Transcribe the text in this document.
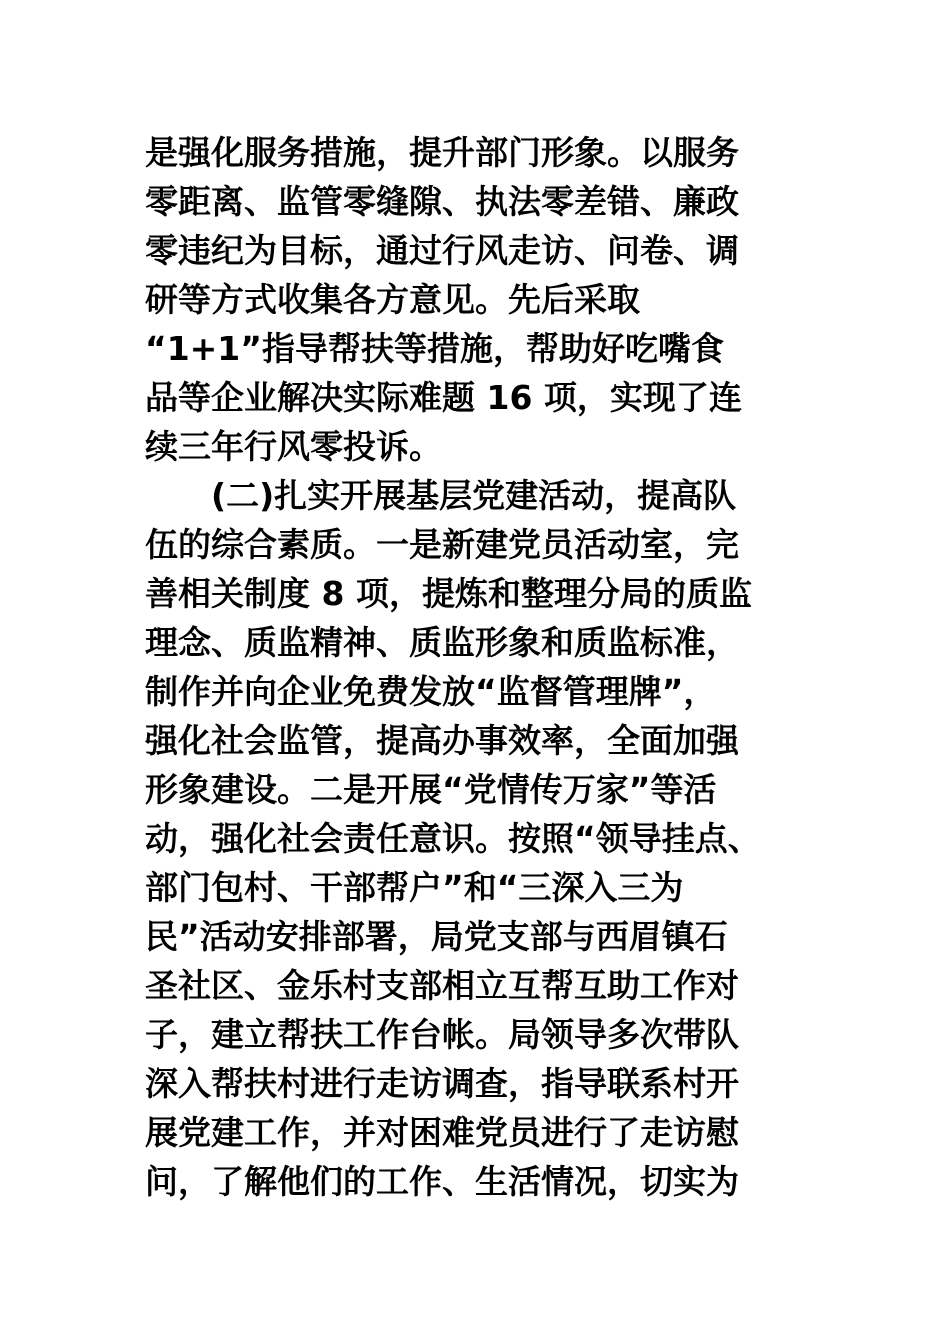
是强化服务措施，提升部门形象。以服务
零距离、监管零缝隙、执法零差错、廉政
零违纪为目标，通过行风走访、问卷、调
研等方式收集各方意见。先后采取
“1+1”指导帮扶等措施，帮助好吃嘴食
品等企业解决实际难题 16 项，实现了连
续三年行风零投诉。
　　(二)扎实开展基层党建活动，提高队
伍的综合素质。一是新建党员活动室，完
善相关制度 8 项，提炼和整理分局的质监
理念、质监精神、质监形象和质监标准，
制作并向企业免费发放“监督管理牌”，
强化社会监管，提高办事效率，全面加强
形象建设。二是开展“党情传万家”等活
动，强化社会责任意识。按照“领导挂点、
部门包村、干部帮户”和“三深入三为
民”活动安排部署，局党支部与西眉镇石
圣社区、金乐村支部相立互帮互助工作对
子，建立帮扶工作台帐。局领导多次带队
深入帮扶村进行走访调查，指导联系村开
展党建工作，并对困难党员进行了走访慰
问，了解他们的工作、生活情况，切实为
